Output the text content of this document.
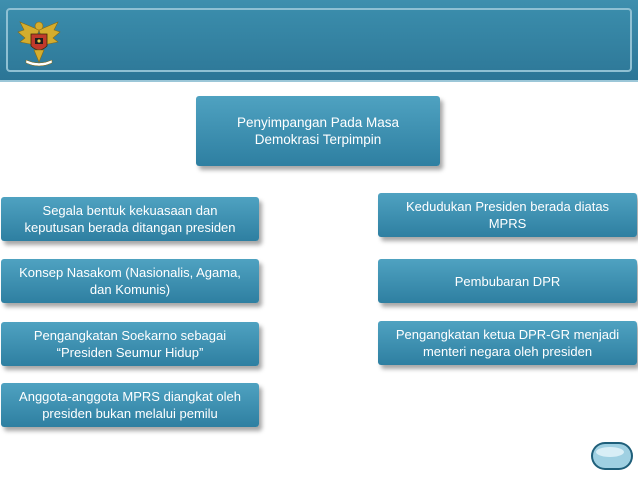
Penyimpangan Pada Masa
Demokrasi Terpimpin
Segala bentuk kekuasaan dan
keputusan berada ditangan presiden
Konsep Nasakom (Nasionalis, Agama,
dan Komunis)
Pengangkatan Soekarno sebagai
“Presiden Seumur Hidup”
Anggota-anggota MPRS diangkat oleh
presiden bukan melalui pemilu
Kedudukan Presiden berada diatas
MPRS
Pembubaran DPR
Pengangkatan ketua DPR-GR menjadi
menteri negara oleh presiden
